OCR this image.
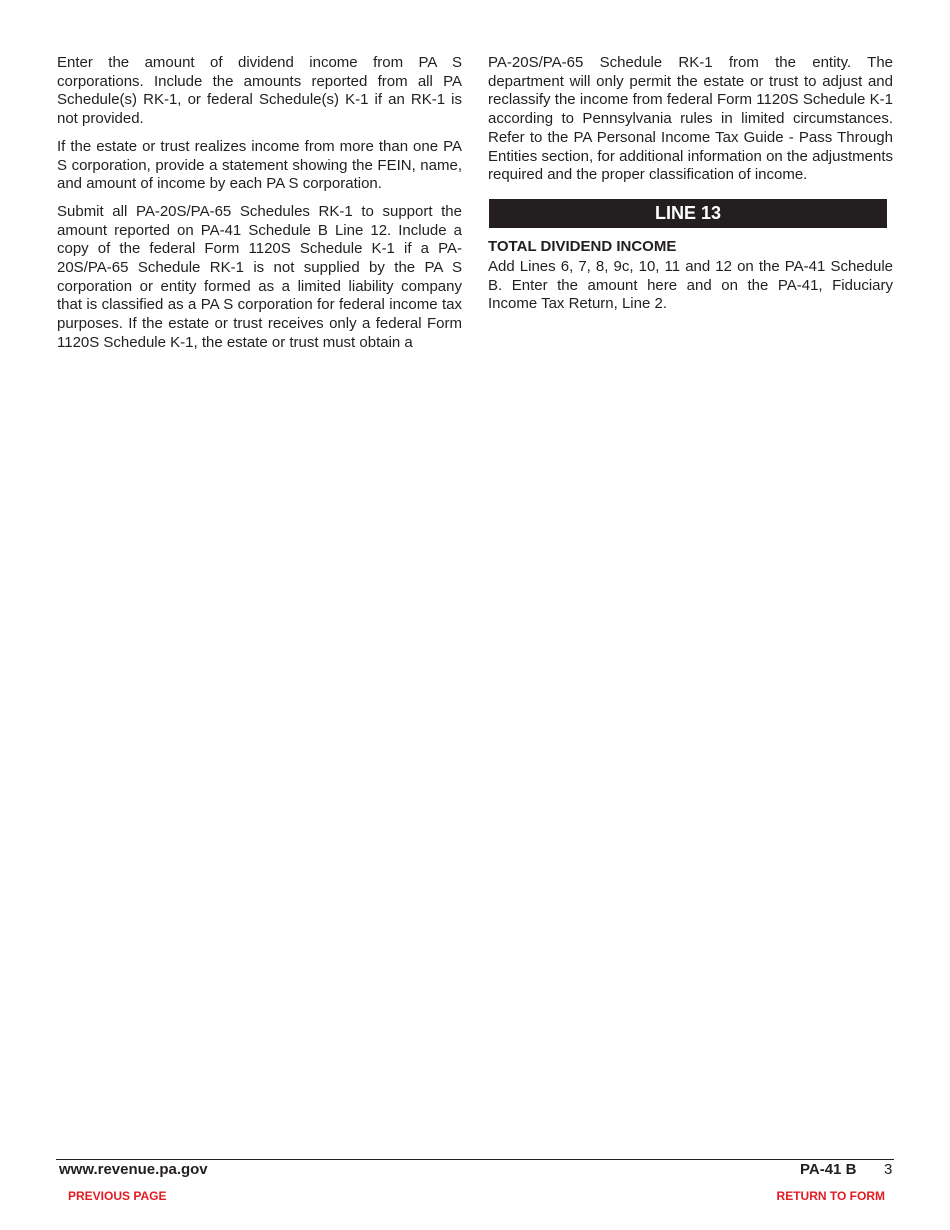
Enter the amount of dividend income from PA S corporations. Include the amounts reported from all PA Schedule(s) RK-1, or federal Schedule(s) K-1 if an RK-1 is not provided.

If the estate or trust realizes income from more than one PA S corporation, provide a statement showing the FEIN, name, and amount of income by each PA S corporation.

Submit all PA-20S/PA-65 Schedules RK-1 to support the amount reported on PA-41 Schedule B Line 12. Include a copy of the federal Form 1120S Schedule K-1 if a PA-20S/PA-65 Schedule RK-1 is not supplied by the PA S corporation or entity formed as a limited liability company that is classified as a PA S corporation for federal income tax purposes. If the estate or trust receives only a federal Form 1120S Schedule K-1, the estate or trust must obtain a

PA-20S/PA-65 Schedule RK-1 from the entity. The department will only permit the estate or trust to adjust and reclassify the income from federal Form 1120S Schedule K-1 according to Pennsylvania rules in limited circumstances. Refer to the PA Personal Income Tax Guide - Pass Through Entities section, for additional information on the adjustments required and the proper classification of income.

LINE 13
TOTAL DIVIDEND INCOME

Add Lines 6, 7, 8, 9c, 10, 11 and 12 on the PA-41 Schedule B. Enter the amount here and on the PA-41, Fiduciary Income Tax Return, Line 2.

www.revenue.pa.gov	PA-41 B 3
PREVIOUS PAGE	RETURN TO FORM
